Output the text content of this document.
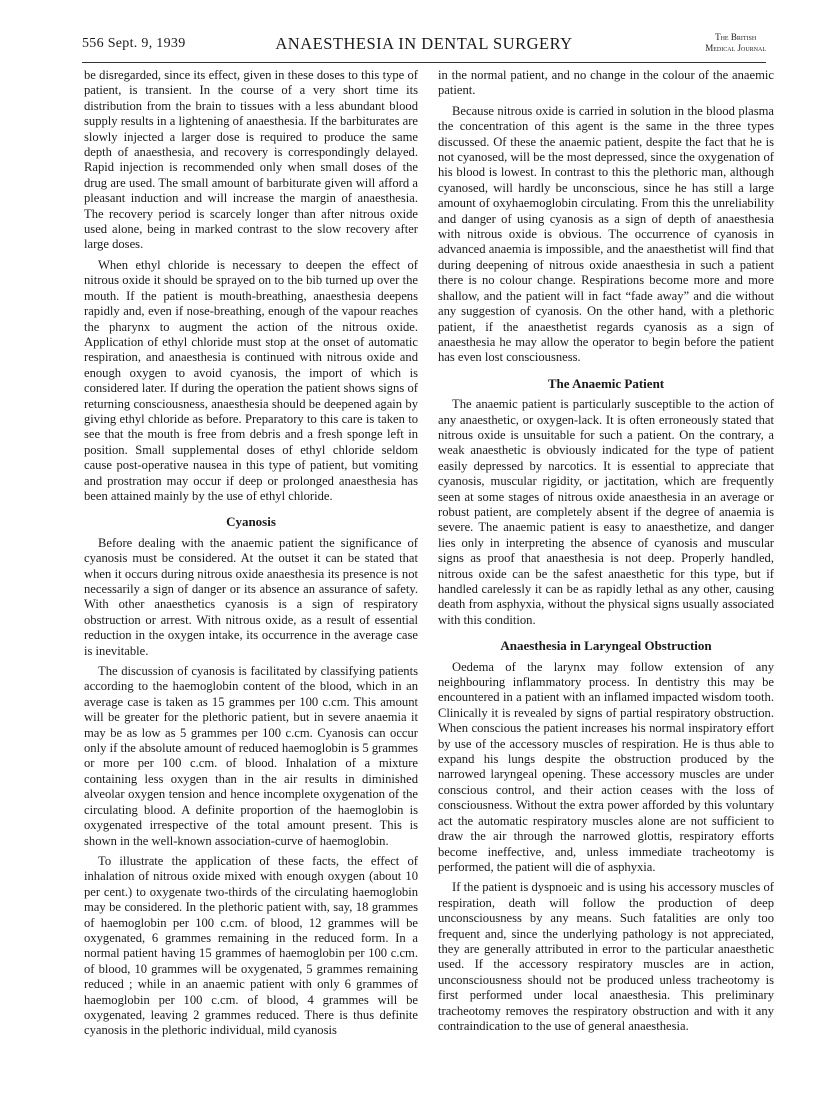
556 Sept. 9, 1939	ANAESTHESIA IN DENTAL SURGERY	The British
Medical Journal

be disregarded, since its effect, given in these doses to this type of patient, is transient. In the course of a very short time its distribution from the brain to tissues with a less abundant blood supply results in a lightening of anaesthesia. If the barbiturates are slowly injected a larger dose is required to produce the same depth of anaesthesia, and recovery is correspondingly delayed. Rapid injection is recommended only when small doses of the drug are used. The small amount of barbiturate given will afford a pleasant induction and will increase the margin of anaesthesia. The recovery period is scarcely longer than after nitrous oxide used alone, being in marked contrast to the slow recovery after large doses.

When ethyl chloride is necessary to deepen the effect of nitrous oxide it should be sprayed on to the bib turned up over the mouth. If the patient is mouth-breathing, anaesthesia deepens rapidly and, even if nose-breathing, enough of the vapour reaches the pharynx to augment the action of the nitrous oxide. Application of ethyl chloride must stop at the onset of automatic respiration, and anaesthesia is continued with nitrous oxide and enough oxygen to avoid cyanosis, the import of which is considered later. If during the operation the patient shows signs of returning consciousness, anaesthesia should be deepened again by giving ethyl chloride as before. Preparatory to this care is taken to see that the mouth is free from debris and a fresh sponge left in position. Small supplemental doses of ethyl chloride seldom cause post-operative nausea in this type of patient, but vomiting and prostration may occur if deep or prolonged anaesthesia has been attained mainly by the use of ethyl chloride.

Cyanosis

Before dealing with the anaemic patient the significance of cyanosis must be considered. At the outset it can be stated that when it occurs during nitrous oxide anaesthesia its presence is not necessarily a sign of danger or its absence an assurance of safety. With other anaesthetics cyanosis is a sign of respiratory obstruction or arrest. With nitrous oxide, as a result of essential reduction in the oxygen intake, its occurrence in the average case is inevitable.

The discussion of cyanosis is facilitated by classifying patients according to the haemoglobin content of the blood, which in an average case is taken as 15 grammes per 100 c.cm. This amount will be greater for the plethoric patient, but in severe anaemia it may be as low as 5 grammes per 100 c.cm. Cyanosis can occur only if the absolute amount of reduced haemoglobin is 5 grammes or more per 100 c.cm. of blood. Inhalation of a mixture containing less oxygen than in the air results in diminished alveolar oxygen tension and hence incomplete oxygenation of the circulating blood. A definite proportion of the haemoglobin is oxygenated irrespective of the total amount present. This is shown in the well-known association-curve of haemoglobin.

To illustrate the application of these facts, the effect of inhalation of nitrous oxide mixed with enough oxygen (about 10 per cent.) to oxygenate two-thirds of the circulating haemoglobin may be considered. In the plethoric patient with, say, 18 grammes of haemoglobin per 100 c.cm. of blood, 12 grammes will be oxygenated, 6 grammes remaining in the reduced form. In a normal patient having 15 grammes of haemoglobin per 100 c.cm. of blood, 10 grammes will be oxygenated, 5 grammes remaining reduced ; while in an anaemic patient with only 6 grammes of haemoglobin per 100 c.cm. of blood, 4 grammes will be oxygenated, leaving 2 grammes reduced. There is thus definite cyanosis in the plethoric individual, mild cyanosis

in the normal patient, and no change in the colour of the anaemic patient.

Because nitrous oxide is carried in solution in the blood plasma the concentration of this agent is the same in the three types discussed. Of these the anaemic patient, despite the fact that he is not cyanosed, will be the most depressed, since the oxygenation of his blood is lowest. In contrast to this the plethoric man, although cyanosed, will hardly be unconscious, since he has still a large amount of oxyhaemoglobin circulating. From this the unreliability and danger of using cyanosis as a sign of depth of anaesthesia with nitrous oxide is obvious. The occurrence of cyanosis in advanced anaemia is impossible, and the anaesthetist will find that during deepening of nitrous oxide anaesthesia in such a patient there is no colour change. Respirations become more and more shallow, and the patient will in fact “fade away” and die without any suggestion of cyanosis. On the other hand, with a plethoric patient, if the anaesthetist regards cyanosis as a sign of anaesthesia he may allow the operator to begin before the patient has even lost consciousness.

The Anaemic Patient

The anaemic patient is particularly susceptible to the action of any anaesthetic, or oxygen-lack. It is often erroneously stated that nitrous oxide is unsuitable for such a patient. On the contrary, a weak anaesthetic is obviously indicated for the type of patient easily depressed by narcotics. It is essential to appreciate that cyanosis, muscular rigidity, or jactitation, which are frequently seen at some stages of nitrous oxide anaesthesia in an average or robust patient, are completely absent if the degree of anaemia is severe. The anaemic patient is easy to anaesthetize, and danger lies only in interpreting the absence of cyanosis and muscular signs as proof that anaesthesia is not deep. Properly handled, nitrous oxide can be the safest anaesthetic for this type, but if handled carelessly it can be as rapidly lethal as any other, causing death from asphyxia, without the physical signs usually associated with this condition.

Anaesthesia in Laryngeal Obstruction

Oedema of the larynx may follow extension of any neighbouring inflammatory process. In dentistry this may be encountered in a patient with an inflamed impacted wisdom tooth. Clinically it is revealed by signs of partial respiratory obstruction. When conscious the patient increases his normal inspiratory effort by use of the accessory muscles of respiration. He is thus able to expand his lungs despite the obstruction produced by the narrowed laryngeal opening. These accessory muscles are under conscious control, and their action ceases with the loss of consciousness. Without the extra power afforded by this voluntary act the automatic respiratory muscles alone are not sufficient to draw the air through the narrowed glottis, respiratory efforts become ineffective, and, unless immediate tracheotomy is performed, the patient will die of asphyxia.

If the patient is dyspnoeic and is using his accessory muscles of respiration, death will follow the production of deep unconsciousness by any means. Such fatalities are only too frequent and, since the underlying pathology is not appreciated, they are generally attributed in error to the particular anaesthetic used. If the accessory respiratory muscles are in action, unconsciousness should not be produced unless tracheotomy is first performed under local anaesthesia. This preliminary tracheotomy removes the respiratory obstruction and with it any contraindication to the use of general anaesthesia.
